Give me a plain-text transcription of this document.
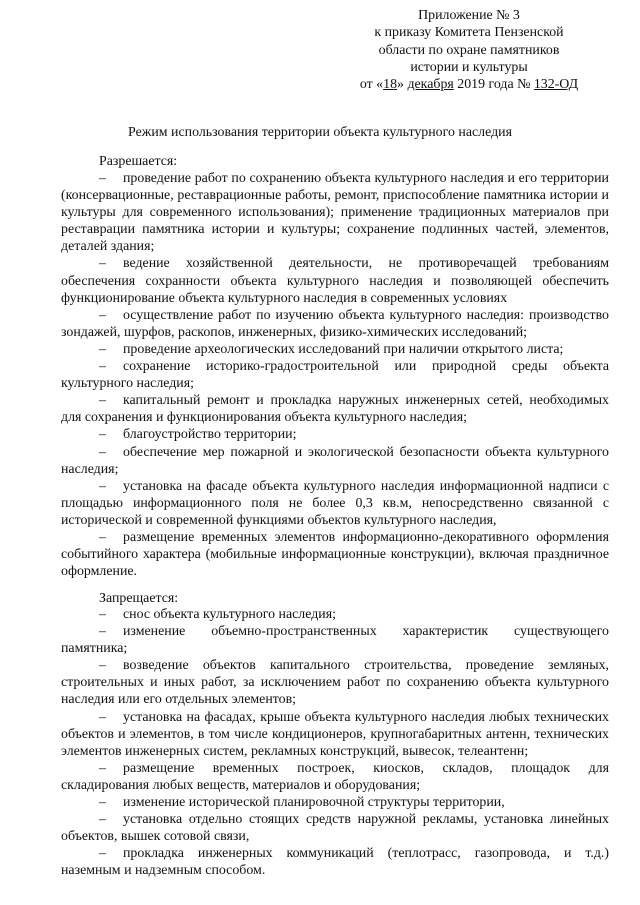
Приложение № 3
к приказу Комитета Пензенской
области по охране памятников
истории и культуры
от «18» декабря 2019 года № 132-ОД
Режим использования территории объекта культурного наследия
Разрешается:

– проведение работ по сохранению объекта культурного наследия и его территории (консервационные, реставрационные работы, ремонт, приспособление памятника истории и культуры для современного использования); применение традиционных материалов при реставрации памятника истории и культуры; сохранение подлинных частей, элементов, деталей здания;

– ведение хозяйственной деятельности, не противоречащей требованиям обеспечения сохранности объекта культурного наследия и позволяющей обеспечить функционирование объекта культурного наследия в современных условиях

– осуществление работ по изучению объекта культурного наследия: производство зондажей, шурфов, раскопов, инженерных, физико-химических исследований;

– проведение археологических исследований при наличии открытого листа;

– сохранение историко-градостроительной или природной среды объекта культурного наследия;

– капитальный ремонт и прокладка наружных инженерных сетей, необходимых для сохранения и функционирования объекта культурного наследия;

– благоустройство территории;

– обеспечение мер пожарной и экологической безопасности объекта культурного наследия;

– установка на фасаде объекта культурного наследия информационной надписи с площадью информационного поля не более 0,3 кв.м, непосредственно связанной с исторической и современной функциями объектов культурного наследия,

– размещение временных элементов информационно-декоративного оформления событийного характера (мобильные информационные конструкции), включая праздничное оформление.

Запрещается:

– снос объекта культурного наследия;

– изменение объемно-пространственных характеристик существующего памятника;

– возведение объектов капитального строительства, проведение земляных, строительных и иных работ, за исключением работ по сохранению объекта культурного наследия или его отдельных элементов;

– установка на фасадах, крыше объекта культурного наследия любых технических объектов и элементов, в том числе кондиционеров, крупногабаритных антенн, технических элементов инженерных систем, рекламных конструкций, вывесок, телеантенн;

– размещение временных построек, киосков, складов, площадок для складирования любых веществ, материалов и оборудования;

– изменение исторической планировочной структуры территории,

– установка отдельно стоящих средств наружной рекламы, установка линейных объектов, вышек сотовой связи,

– прокладка инженерных коммуникаций (теплотрасс, газопровода, и т.д.) наземным и надземным способом.
